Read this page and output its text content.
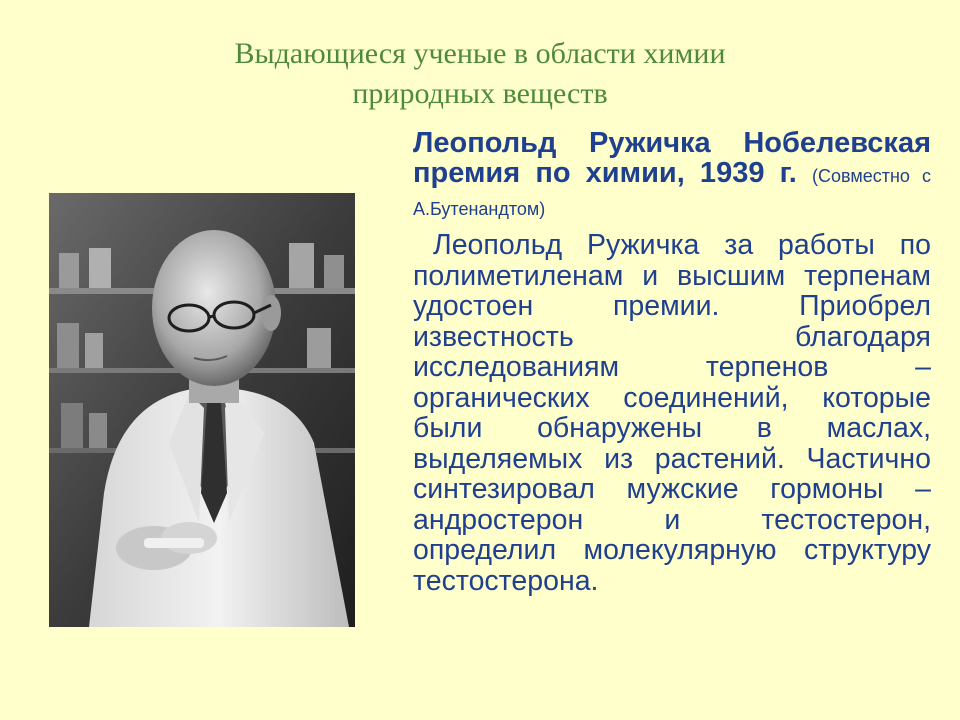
Выдающиеся ученые в области химии
природных веществ

Леопольд Ружичка Нобелевская премия по химии, 1939 г. (Совместно с А.Бутенандтом)

Леопольд Ружичка за работы по полиметиленам и высшим терпенам удостоен премии. Приобрел известность благодаря исследованиям терпенов – органических соединений, которые были обнаружены в маслах, выделяемых из растений. Частично синтезировал мужские гормоны – андростерон и тестостерон, определил молекулярную структуру тестостерона.
